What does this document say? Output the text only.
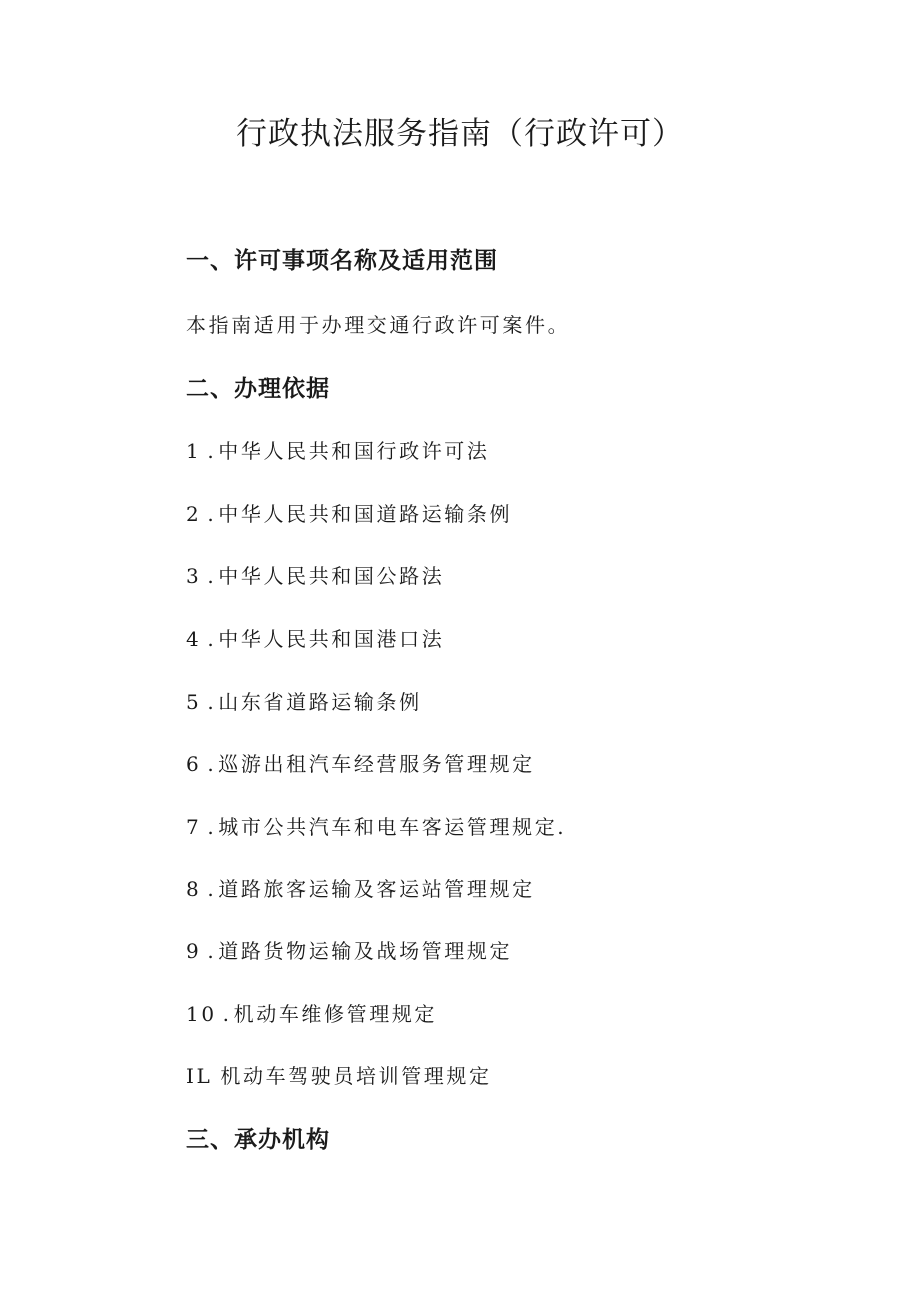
行政执法服务指南（行政许可）
一、许可事项名称及适用范围

本指南适用于办理交通行政许可案件。

二、办理依据

1 . 中华人民共和国行政许可法

2 . 中华人民共和国道路运输条例

3 . 中华人民共和国公路法

4 . 中华人民共和国港口法

5 . 山东省道路运输条例

6 . 巡游出租汽车经营服务管理规定

7 . 城市公共汽车和电车客运管理规定.

8 . 道路旅客运输及客运站管理规定

9 . 道路货物运输及战场管理规定

10 . 机动车维修管理规定

IL 机动车驾驶员培训管理规定

三、承办机构
